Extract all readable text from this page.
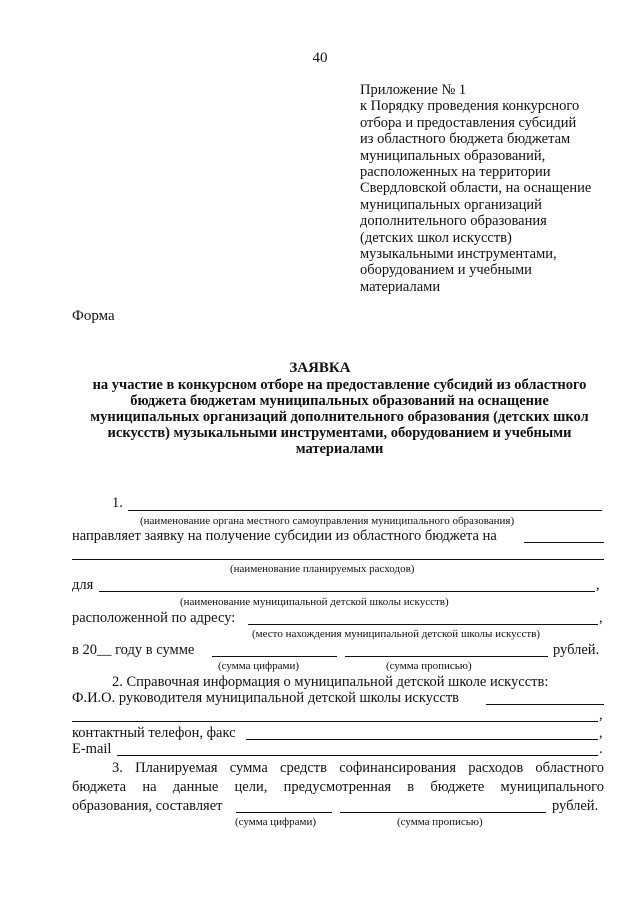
40
Приложение № 1
к Порядку проведения конкурсного
отбора и предоставления субсидий
из областного бюджета бюджетам
муниципальных образований,
расположенных на территории
Свердловской области, на оснащение
муниципальных организаций
дополнительного образования
(детских школ искусств)
музыкальными инструментами,
оборудованием и учебными
материалами
Форма
ЗАЯВКА
на участие в конкурсном отборе на предоставление субсидий из областного
бюджета бюджетам муниципальных образований на оснащение
муниципальных организаций дополнительного образования (детских школ
искусств) музыкальными инструментами, оборудованием и учебными
материалами
1.
(наименование органа местного самоуправления муниципального образования)
направляет заявку на получение субсидии из областного бюджета на
(наименование планируемых расходов)
для	,
(наименование муниципальной детской школы искусств)
расположенной по адресу:	,
(место нахождения муниципальной детской школы искусств)
в 20__ году в сумме	рублей.
(сумма цифрами)	(сумма прописью)
2. Справочная информация о муниципальной детской школе искусств:
Ф.И.О. руководителя муниципальной детской школы искусств
,
контактный телефон, факс	,
E-mail	.
3. Планируемая сумма средств софинансирования расходов областного
бюджета на данные цели, предусмотренная в бюджете муниципального
образования, составляет	рублей.
(сумма цифрами)	(сумма прописью)
